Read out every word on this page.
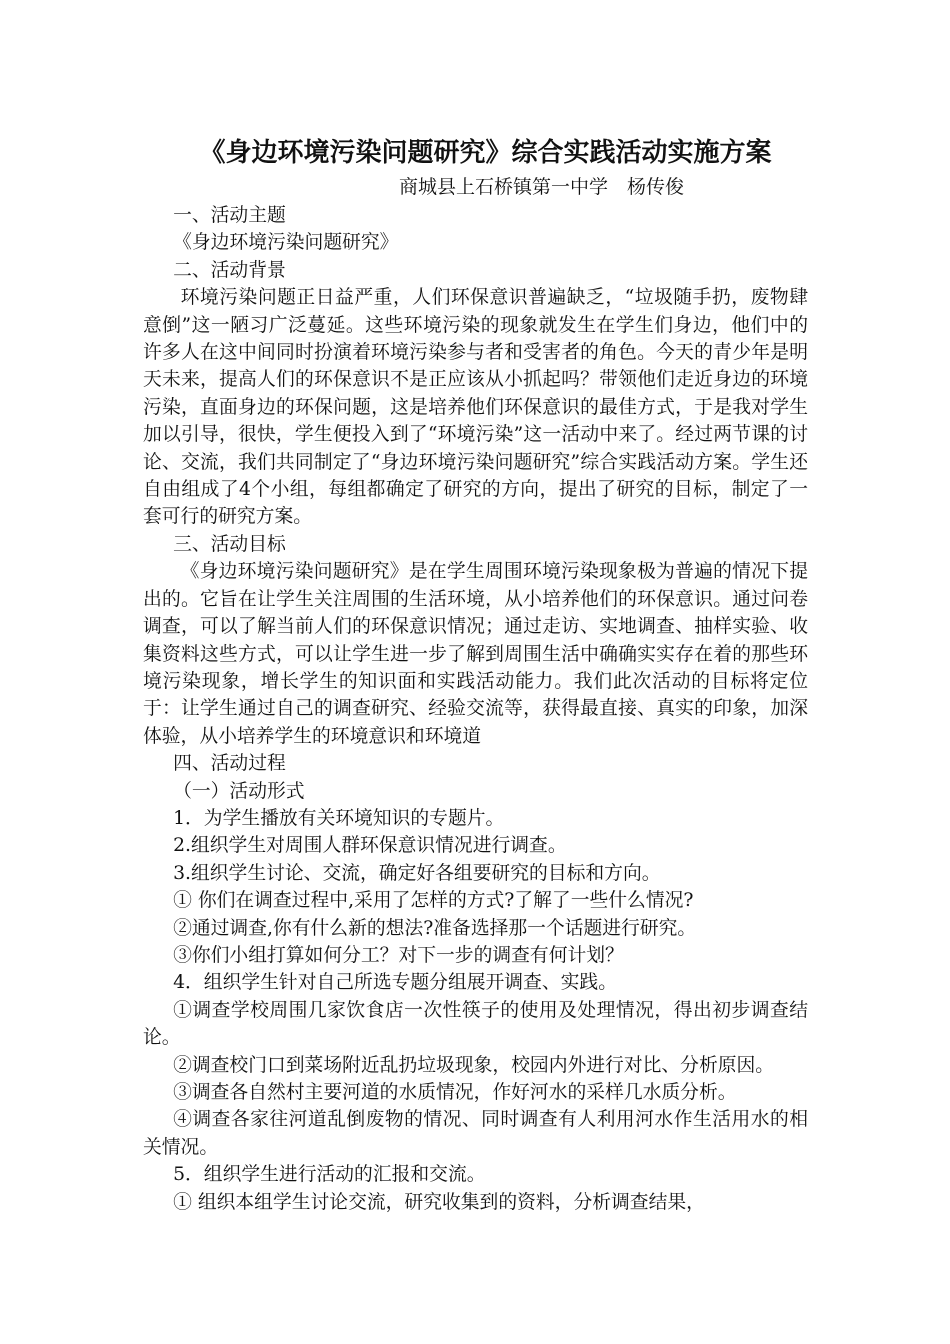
《身边环境污染问题研究》综合实践活动实施方案

商城县上石桥镇第一中学　杨传俊

一、活动主题

《身边环境污染问题研究》

二、活动背景

环境污染问题正日益严重，人们环保意识普遍缺乏，“垃圾随手扔，废物肆意倒”这一陋习广泛蔓延。这些环境污染的现象就发生在学生们身边，他们中的许多人在这中间同时扮演着环境污染参与者和受害者的角色。今天的青少年是明天未来，提高人们的环保意识不是正应该从小抓起吗？带领他们走近身边的环境污染，直面身边的环保问题，这是培养他们环保意识的最佳方式，于是我对学生加以引导，很快，学生便投入到了“环境污染”这一活动中来了。经过两节课的讨论、交流，我们共同制定了“身边环境污染问题研究”综合实践活动方案。学生还自由组成了4个小组，每组都确定了研究的方向，提出了研究的目标，制定了一套可行的研究方案。

三、活动目标

《身边环境污染问题研究》是在学生周围环境污染现象极为普遍的情况下提出的。它旨在让学生关注周围的生活环境，从小培养他们的环保意识。通过问卷调查，可以了解当前人们的环保意识情况；通过走访、实地调查、抽样实验、收集资料这些方式，可以让学生进一步了解到周围生活中确确实实存在着的那些环境污染现象，增长学生的知识面和实践活动能力。我们此次活动的目标将定位于：让学生通过自己的调查研究、经验交流等，获得最直接、真实的印象，加深体验，从小培养学生的环境意识和环境道

四、活动过程

（一）活动形式

1．为学生播放有关环境知识的专题片。

2.组织学生对周围人群环保意识情况进行调查。

3.组织学生讨论、交流，确定好各组要研究的目标和方向。

① 你们在调查过程中,采用了怎样的方式?了解了一些什么情况?

②通过调查,你有什么新的想法?准备选择那一个话题进行研究。

③你们小组打算如何分工？对下一步的调查有何计划？

4．组织学生针对自己所选专题分组展开调查、实践。

①调查学校周围几家饮食店一次性筷子的使用及处理情况，得出初步调查结论。

②调查校门口到菜场附近乱扔垃圾现象，校园内外进行对比、分析原因。

③调查各自然村主要河道的水质情况，作好河水的采样几水质分析。

④调查各家往河道乱倒废物的情况、同时调查有人利用河水作生活用水的相关情况。

5．组织学生进行活动的汇报和交流。

① 组织本组学生讨论交流，研究收集到的资料，分析调查结果，
